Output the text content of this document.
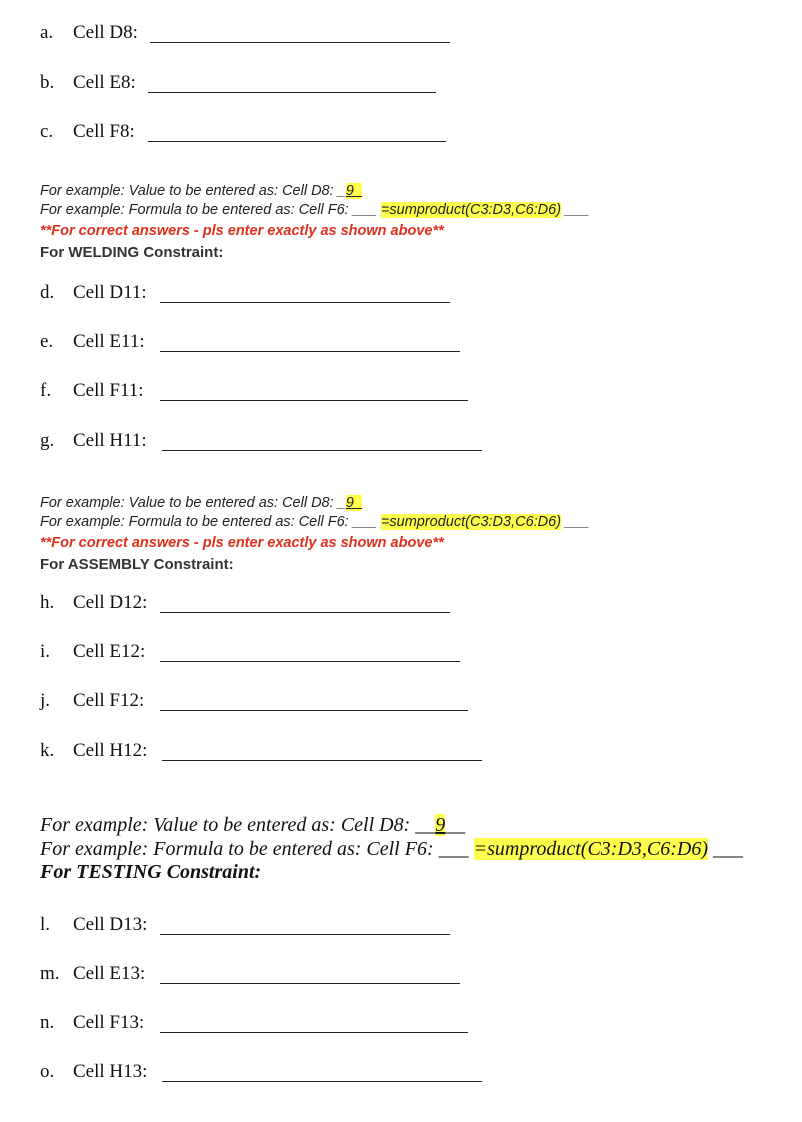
a. Cell D8:
b. Cell E8:
c. Cell F8:
For example: Value to be entered as: Cell D8: _9_
For example: Formula to be entered as: Cell F6: ___ =sumproduct(C3:D3,C6:D6) ___
**For correct answers - pls enter exactly as shown above**
For WELDING Constraint:
d. Cell D11:
e. Cell E11:
f. Cell F11:
g. Cell H11:
For example: Value to be entered as: Cell D8: _9_
For example: Formula to be entered as: Cell F6: ___ =sumproduct(C3:D3,C6:D6) ___
**For correct answers - pls enter exactly as shown above**
For ASSEMBLY Constraint:
h. Cell D12:
i. Cell E12:
j. Cell F12:
k. Cell H12:
For example: Value to be entered as: Cell D8: __9__
For example: Formula to be entered as: Cell F6: ___ =sumproduct(C3:D3,C6:D6) ___
For TESTING Constraint:
l. Cell D13:
m. Cell E13:
n. Cell F13:
o. Cell H13:
